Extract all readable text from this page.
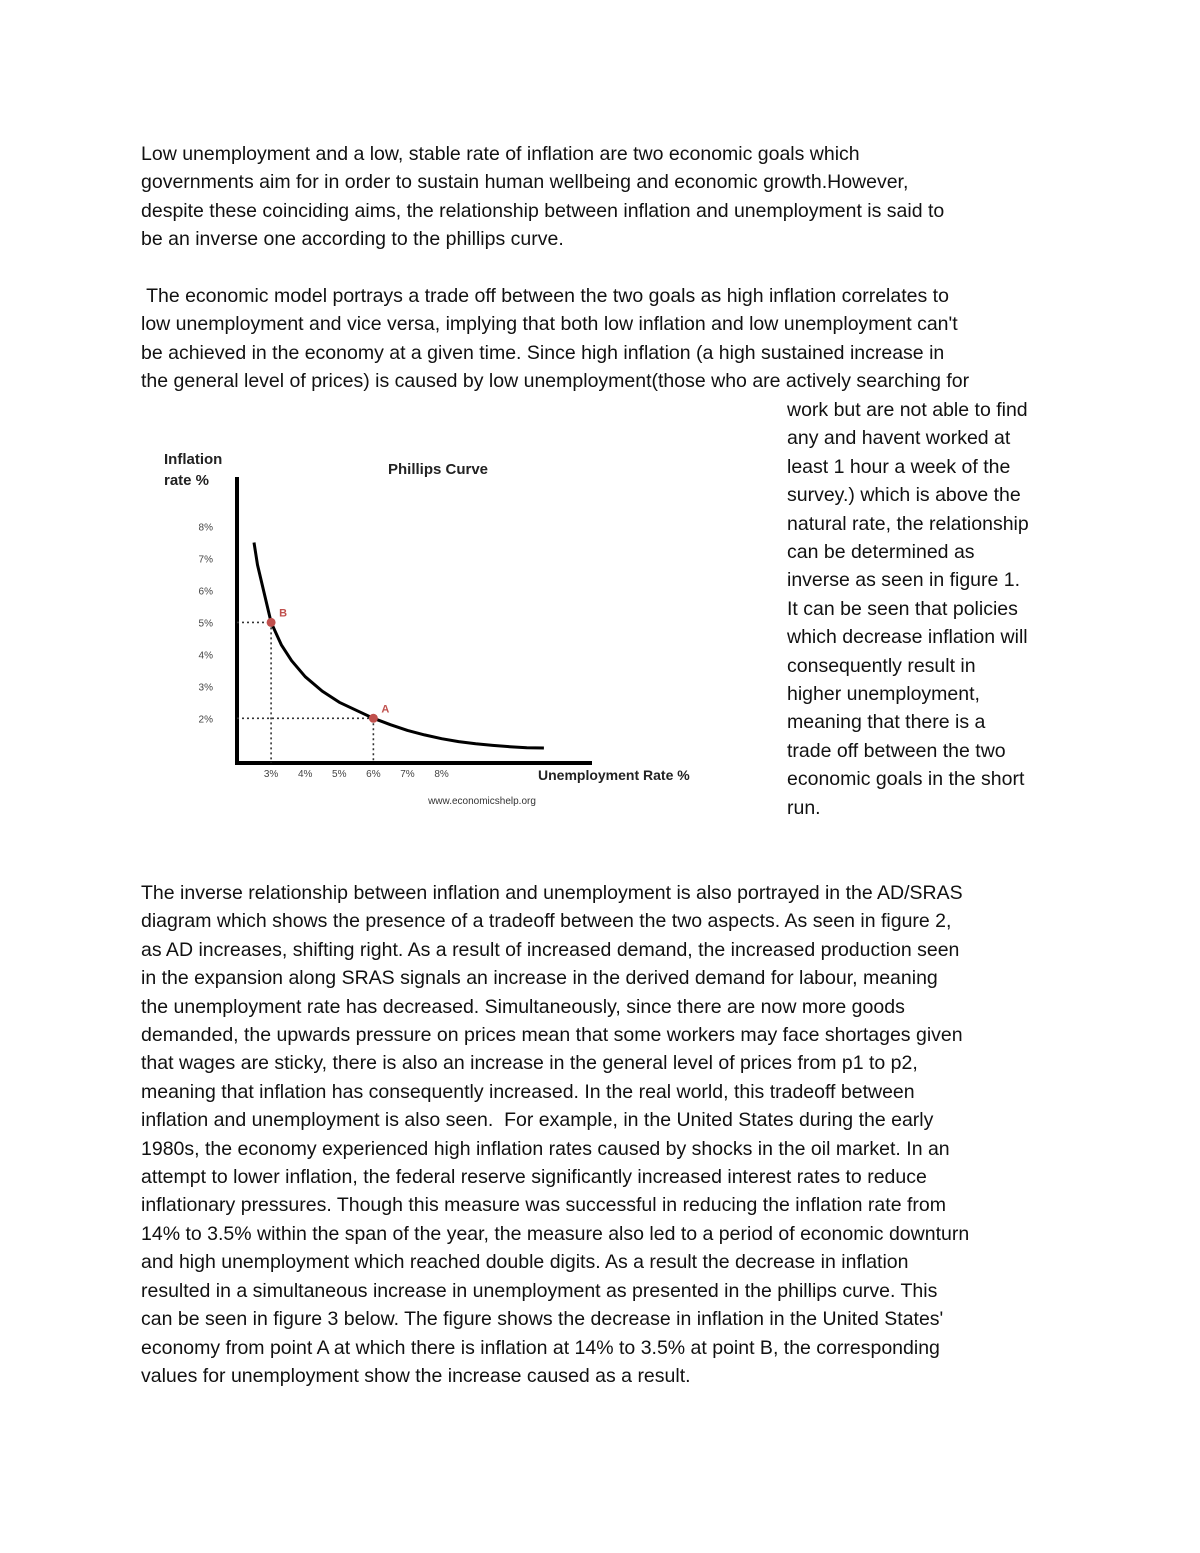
Low unemployment and a low, stable rate of inflation are two economic goals which
governments aim for in order to sustain human wellbeing and economic growth.However,
despite these coinciding aims, the relationship between inflation and unemployment is said to
be an inverse one according to the phillips curve.
The economic model portrays a trade off between the two goals as high inflation correlates to
low unemployment and vice versa, implying that both low inflation and low unemployment can't
be achieved in the economy at a given time. Since high inflation (a high sustained increase in
the general level of prices) is caused by low unemployment(those who are actively searching for
Phillips Curve
Inflation
rate %
Unemployment Rate %
www.economicshelp.org
8%
7%
6%
5%
4%
3%
2%
3% 4% 5% 6% 7% 8%
B
A
work but are not able to find
any and havent worked at
least 1 hour a week of the
survey.) which is above the
natural rate, the relationship
can be determined as
inverse as seen in figure 1.
It can be seen that policies
which decrease inflation will
consequently result in
higher unemployment,
meaning that there is a
trade off between the two
economic goals in the short
run.
The inverse relationship between inflation and unemployment is also portrayed in the AD/SRAS
diagram which shows the presence of a tradeoff between the two aspects. As seen in figure 2,
as AD increases, shifting right. As a result of increased demand, the increased production seen
in the expansion along SRAS signals an increase in the derived demand for labour, meaning
the unemployment rate has decreased. Simultaneously, since there are now more goods
demanded, the upwards pressure on prices mean that some workers may face shortages given
that wages are sticky, there is also an increase in the general level of prices from p1 to p2,
meaning that inflation has consequently increased. In the real world, this tradeoff between
inflation and unemployment is also seen.  For example, in the United States during the early
1980s, the economy experienced high inflation rates caused by shocks in the oil market. In an
attempt to lower inflation, the federal reserve significantly increased interest rates to reduce
inflationary pressures. Though this measure was successful in reducing the inflation rate from
14% to 3.5% within the span of the year, the measure also led to a period of economic downturn
and high unemployment which reached double digits. As a result the decrease in inflation
resulted in a simultaneous increase in unemployment as presented in the phillips curve. This
can be seen in figure 3 below. The figure shows the decrease in inflation in the United States'
economy from point A at which there is inflation at 14% to 3.5% at point B, the corresponding
values for unemployment show the increase caused as a result.
